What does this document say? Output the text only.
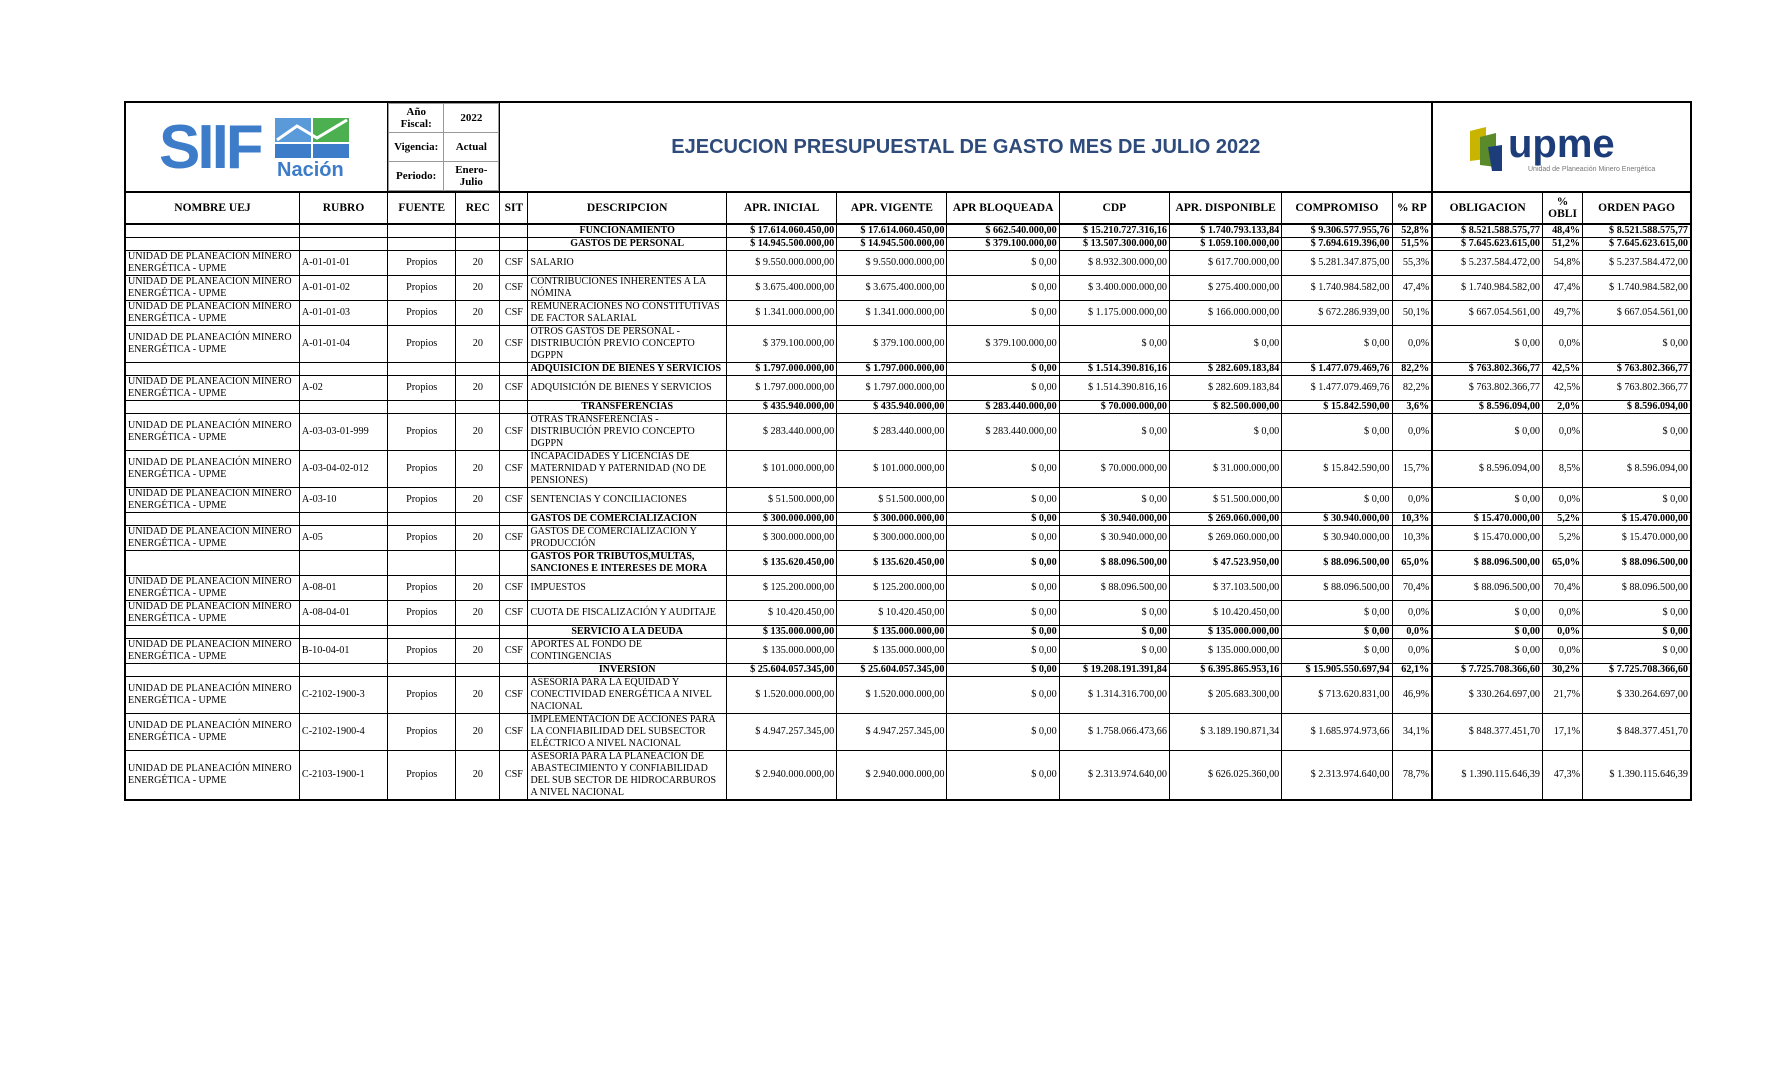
SIIF Nación

Año Fiscal:	2022
Vigencia:	Actual
Periodo:	Enero-Julio
	EJECUCION PRESUPUESTAL DE GASTO MES DE JULIO 2022	upme
Unidad de Planeación Minero Energética

NOMBRE UEJ	RUBRO	FUENTE	REC	SIT	DESCRIPCION	APR. INICIAL	APR. VIGENTE	APR BLOQUEADA	CDP	APR. DISPONIBLE	COMPROMISO	% RP	OBLIGACION	% OBLI	ORDEN PAGO
					FUNCIONAMIENTO	$ 17.614.060.450,00	$ 17.614.060.450,00	$ 662.540.000,00	$ 15.210.727.316,16	$ 1.740.793.133,84	$ 9.306.577.955,76	52,8%	$ 8.521.588.575,77	48,4%	$ 8.521.588.575,77
					GASTOS DE PERSONAL	$ 14.945.500.000,00	$ 14.945.500.000,00	$ 379.100.000,00	$ 13.507.300.000,00	$ 1.059.100.000,00	$ 7.694.619.396,00	51,5%	$ 7.645.623.615,00	51,2%	$ 7.645.623.615,00
UNIDAD DE PLANEACIÓN MINERO ENERGÉTICA - UPME	A-01-01-01	Propios	20	CSF	SALARIO	$ 9.550.000.000,00	$ 9.550.000.000,00	$ 0,00	$ 8.932.300.000,00	$ 617.700.000,00	$ 5.281.347.875,00	55,3%	$ 5.237.584.472,00	54,8%	$ 5.237.584.472,00
UNIDAD DE PLANEACIÓN MINERO ENERGÉTICA - UPME	A-01-01-02	Propios	20	CSF	CONTRIBUCIONES INHERENTES A LA NÓMINA	$ 3.675.400.000,00	$ 3.675.400.000,00	$ 0,00	$ 3.400.000.000,00	$ 275.400.000,00	$ 1.740.984.582,00	47,4%	$ 1.740.984.582,00	47,4%	$ 1.740.984.582,00
UNIDAD DE PLANEACIÓN MINERO ENERGÉTICA - UPME	A-01-01-03	Propios	20	CSF	REMUNERACIONES NO CONSTITUTIVAS DE FACTOR SALARIAL	$ 1.341.000.000,00	$ 1.341.000.000,00	$ 0,00	$ 1.175.000.000,00	$ 166.000.000,00	$ 672.286.939,00	50,1%	$ 667.054.561,00	49,7%	$ 667.054.561,00
UNIDAD DE PLANEACIÓN MINERO ENERGÉTICA - UPME	A-01-01-04	Propios	20	CSF	OTROS GASTOS DE PERSONAL - DISTRIBUCIÓN PREVIO CONCEPTO DGPPN	$ 379.100.000,00	$ 379.100.000,00	$ 379.100.000,00	$ 0,00	$ 0,00	$ 0,00	0,0%	$ 0,00	0,0%	$ 0,00
					ADQUISICION DE BIENES Y SERVICIOS	$ 1.797.000.000,00	$ 1.797.000.000,00	$ 0,00	$ 1.514.390.816,16	$ 282.609.183,84	$ 1.477.079.469,76	82,2%	$ 763.802.366,77	42,5%	$ 763.802.366,77
UNIDAD DE PLANEACIÓN MINERO ENERGÉTICA - UPME	A-02	Propios	20	CSF	ADQUISICIÓN DE BIENES Y SERVICIOS	$ 1.797.000.000,00	$ 1.797.000.000,00	$ 0,00	$ 1.514.390.816,16	$ 282.609.183,84	$ 1.477.079.469,76	82,2%	$ 763.802.366,77	42,5%	$ 763.802.366,77
					TRANSFERENCIAS	$ 435.940.000,00	$ 435.940.000,00	$ 283.440.000,00	$ 70.000.000,00	$ 82.500.000,00	$ 15.842.590,00	3,6%	$ 8.596.094,00	2,0%	$ 8.596.094,00
UNIDAD DE PLANEACIÓN MINERO ENERGÉTICA - UPME	A-03-03-01-999	Propios	20	CSF	OTRAS TRANSFERENCIAS - DISTRIBUCIÓN PREVIO CONCEPTO DGPPN	$ 283.440.000,00	$ 283.440.000,00	$ 283.440.000,00	$ 0,00	$ 0,00	$ 0,00	0,0%	$ 0,00	0,0%	$ 0,00
UNIDAD DE PLANEACIÓN MINERO ENERGÉTICA - UPME	A-03-04-02-012	Propios	20	CSF	INCAPACIDADES Y LICENCIAS DE MATERNIDAD Y PATERNIDAD (NO DE PENSIONES)	$ 101.000.000,00	$ 101.000.000,00	$ 0,00	$ 70.000.000,00	$ 31.000.000,00	$ 15.842.590,00	15,7%	$ 8.596.094,00	8,5%	$ 8.596.094,00
UNIDAD DE PLANEACIÓN MINERO ENERGÉTICA - UPME	A-03-10	Propios	20	CSF	SENTENCIAS Y CONCILIACIONES	$ 51.500.000,00	$ 51.500.000,00	$ 0,00	$ 0,00	$ 51.500.000,00	$ 0,00	0,0%	$ 0,00	0,0%	$ 0,00
					GASTOS DE COMERCIALIZACION	$ 300.000.000,00	$ 300.000.000,00	$ 0,00	$ 30.940.000,00	$ 269.060.000,00	$ 30.940.000,00	10,3%	$ 15.470.000,00	5,2%	$ 15.470.000,00
UNIDAD DE PLANEACIÓN MINERO ENERGÉTICA - UPME	A-05	Propios	20	CSF	GASTOS DE COMERCIALIZACIÓN Y PRODUCCIÓN	$ 300.000.000,00	$ 300.000.000,00	$ 0,00	$ 30.940.000,00	$ 269.060.000,00	$ 30.940.000,00	10,3%	$ 15.470.000,00	5,2%	$ 15.470.000,00
					GASTOS POR TRIBUTOS,MULTAS, SANCIONES E INTERESES DE MORA	$ 135.620.450,00	$ 135.620.450,00	$ 0,00	$ 88.096.500,00	$ 47.523.950,00	$ 88.096.500,00	65,0%	$ 88.096.500,00	65,0%	$ 88.096.500,00
UNIDAD DE PLANEACIÓN MINERO ENERGÉTICA - UPME	A-08-01	Propios	20	CSF	IMPUESTOS	$ 125.200.000,00	$ 125.200.000,00	$ 0,00	$ 88.096.500,00	$ 37.103.500,00	$ 88.096.500,00	70,4%	$ 88.096.500,00	70,4%	$ 88.096.500,00
UNIDAD DE PLANEACIÓN MINERO ENERGÉTICA - UPME	A-08-04-01	Propios	20	CSF	CUOTA DE FISCALIZACIÓN Y AUDITAJE	$ 10.420.450,00	$ 10.420.450,00	$ 0,00	$ 0,00	$ 10.420.450,00	$ 0,00	0,0%	$ 0,00	0,0%	$ 0,00
					SERVICIO A LA DEUDA	$ 135.000.000,00	$ 135.000.000,00	$ 0,00	$ 0,00	$ 135.000.000,00	$ 0,00	0,0%	$ 0,00	0,0%	$ 0,00
UNIDAD DE PLANEACIÓN MINERO ENERGÉTICA - UPME	B-10-04-01	Propios	20	CSF	APORTES AL FONDO DE CONTINGENCIAS	$ 135.000.000,00	$ 135.000.000,00	$ 0,00	$ 0,00	$ 135.000.000,00	$ 0,00	0,0%	$ 0,00	0,0%	$ 0,00
					INVERSION	$ 25.604.057.345,00	$ 25.604.057.345,00	$ 0,00	$ 19.208.191.391,84	$ 6.395.865.953,16	$ 15.905.550.697,94	62,1%	$ 7.725.708.366,60	30,2%	$ 7.725.708.366,60
UNIDAD DE PLANEACIÓN MINERO ENERGÉTICA - UPME	C-2102-1900-3	Propios	20	CSF	ASESORIA PARA LA EQUIDAD Y CONECTIVIDAD ENERGÉTICA A NIVEL NACIONAL	$ 1.520.000.000,00	$ 1.520.000.000,00	$ 0,00	$ 1.314.316.700,00	$ 205.683.300,00	$ 713.620.831,00	46,9%	$ 330.264.697,00	21,7%	$ 330.264.697,00
UNIDAD DE PLANEACIÓN MINERO ENERGÉTICA - UPME	C-2102-1900-4	Propios	20	CSF	IMPLEMENTACIÓN DE ACCIONES PARA LA CONFIABILIDAD DEL SUBSECTOR ELÉCTRICO A NIVEL NACIONAL	$ 4.947.257.345,00	$ 4.947.257.345,00	$ 0,00	$ 1.758.066.473,66	$ 3.189.190.871,34	$ 1.685.974.973,66	34,1%	$ 848.377.451,70	17,1%	$ 848.377.451,70
UNIDAD DE PLANEACIÓN MINERO ENERGÉTICA - UPME	C-2103-1900-1	Propios	20	CSF	ASESORIA PARA LA PLANEACIÓN DE ABASTECIMIENTO Y CONFIABILIDAD DEL SUB SECTOR DE HIDROCARBUROS A NIVEL NACIONAL	$ 2.940.000.000,00	$ 2.940.000.000,00	$ 0,00	$ 2.313.974.640,00	$ 626.025.360,00	$ 2.313.974.640,00	78,7%	$ 1.390.115.646,39	47,3%	$ 1.390.115.646,39
